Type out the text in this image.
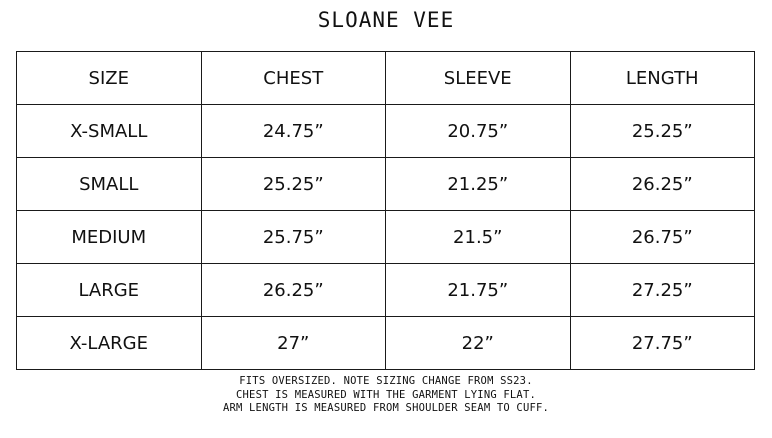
SLOANE VEE
SIZE	CHEST	SLEEVE	LENGTH
X-SMALL	24.75”	20.75”	25.25”
SMALL	25.25”	21.25”	26.25”
MEDIUM	25.75”	21.5”	26.75”
LARGE	26.25”	21.75”	27.25”
X-LARGE	27”	22”	27.75”
FITS OVERSIZED. NOTE SIZING CHANGE FROM SS23.
CHEST IS MEASURED WITH THE GARMENT LYING FLAT.
ARM LENGTH IS MEASURED FROM SHOULDER SEAM TO CUFF.
